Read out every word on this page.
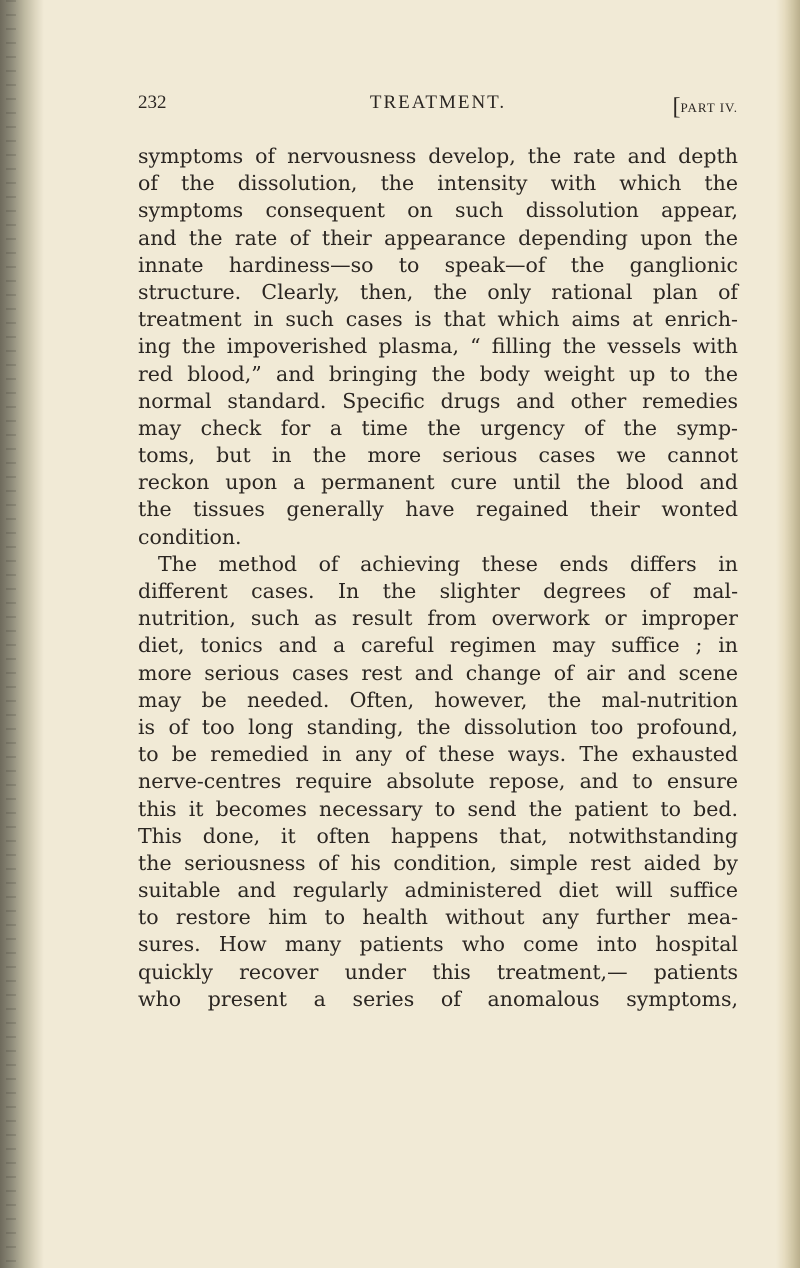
232	TREATMENT.	[PART IV.
symptoms of nervousness develop, the rate and depth
of the dissolution, the intensity with which the
symptoms consequent on such dissolution appear,
and the rate of their appearance depending upon the
innate hardiness—so to speak—of the ganglionic
structure. Clearly, then, the only rational plan of
treatment in such cases is that which aims at enrich-
ing the impoverished plasma, “ filling the vessels with
red blood,” and bringing the body weight up to the
normal standard. Specific drugs and other remedies
may check for a time the urgency of the symp-
toms, but in the more serious cases we cannot
reckon upon a permanent cure until the blood and
the tissues generally have regained their wonted
condition.
The method of achieving these ends differs in
different cases. In the slighter degrees of mal-
nutrition, such as result from overwork or improper
diet, tonics and a careful regimen may suffice ; in
more serious cases rest and change of air and scene
may be needed. Often, however, the mal-nutrition
is of too long standing, the dissolution too profound,
to be remedied in any of these ways. The exhausted
nerve-centres require absolute repose, and to ensure
this it becomes necessary to send the patient to bed.
This done, it often happens that, notwithstanding
the seriousness of his condition, simple rest aided by
suitable and regularly administered diet will suffice
to restore him to health without any further mea-
sures. How many patients who come into hospital
quickly recover under this treatment,— patients
who present a series of anomalous symptoms,
